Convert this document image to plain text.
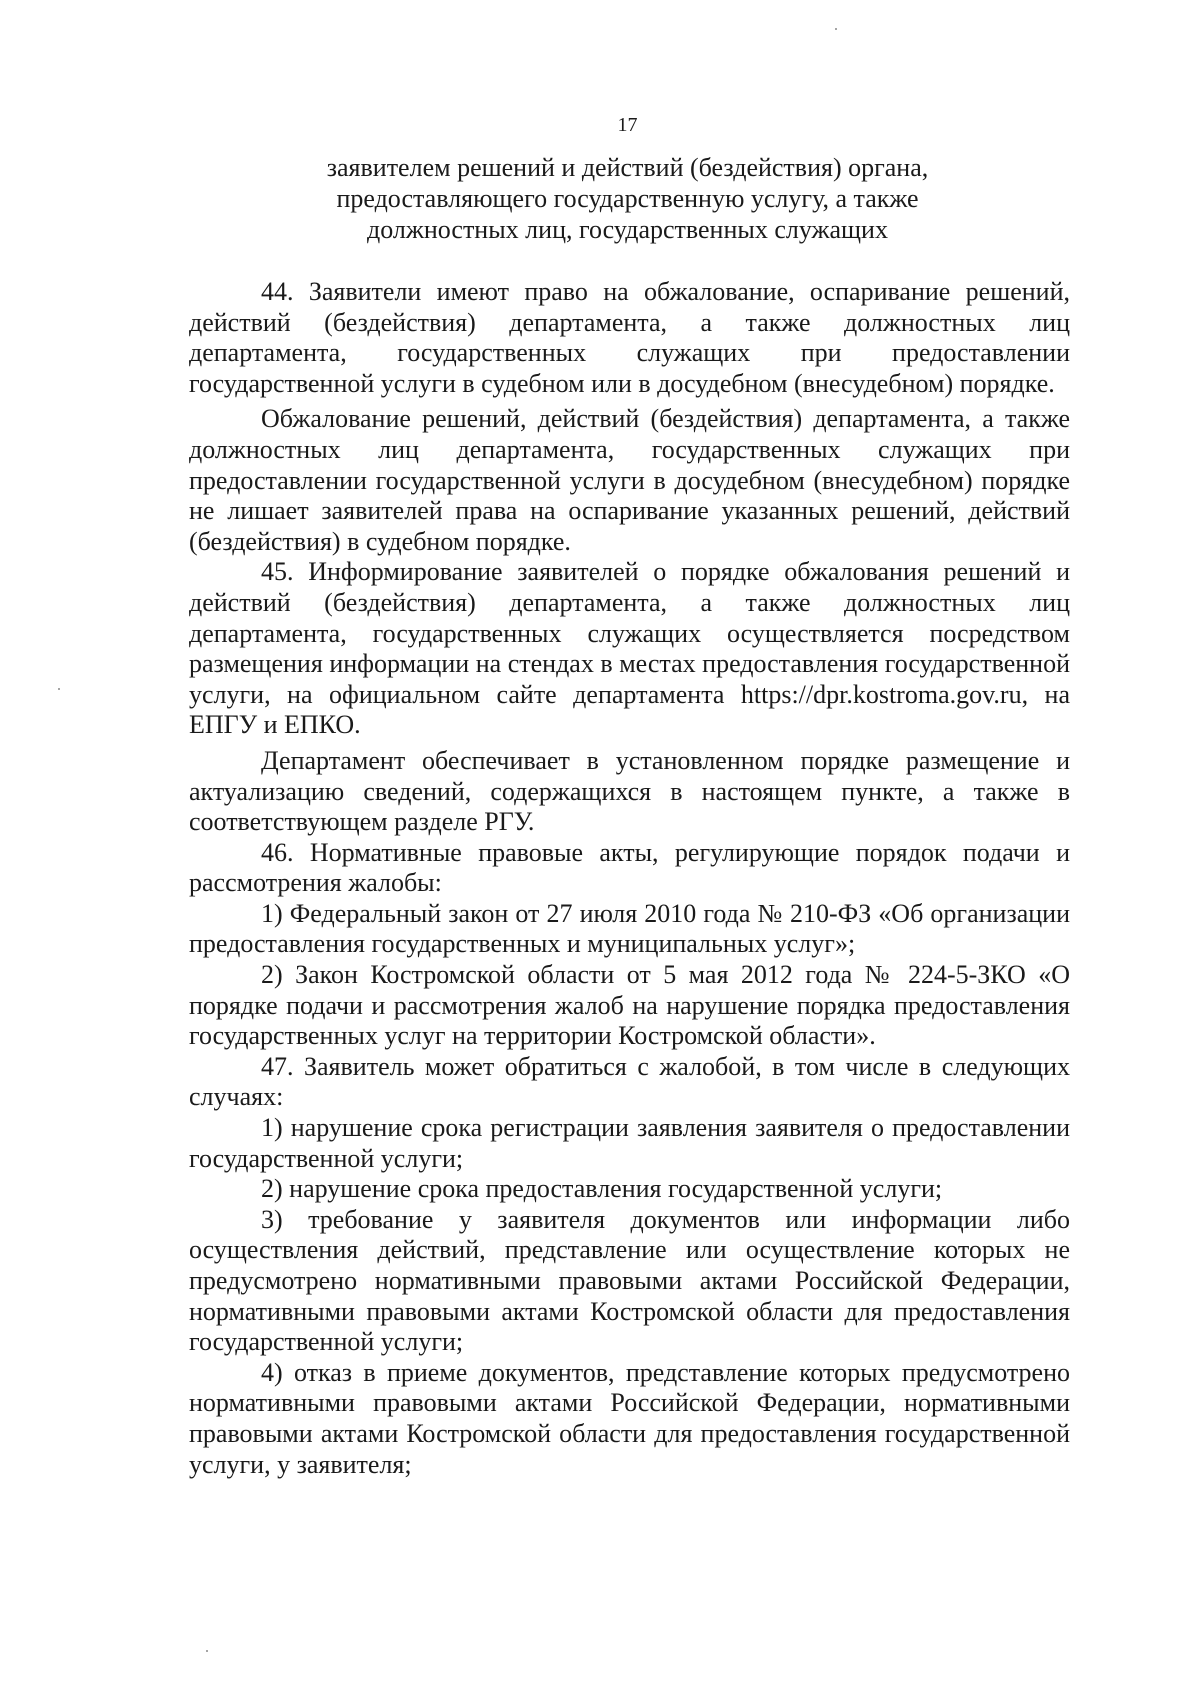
17
заявителем решений и действий (бездействия) органа,
предоставляющего государственную услугу, а также
должностных лиц, государственных служащих

44. Заявители имеют право на обжалование, оспаривание решений, действий (бездействия) департамента, а также должностных лиц департамента, государственных служащих при предоставлении государственной услуги в судебном или в досудебном (внесудебном) порядке.

Обжалование решений, действий (бездействия) департамента, а также должностных лиц департамента, государственных служащих при предоставлении государственной услуги в досудебном (внесудебном) порядке не лишает заявителей права на оспаривание указанных решений, действий (бездействия) в судебном порядке.

45. Информирование заявителей о порядке обжалования решений и действий (бездействия) департамента, а также должностных лиц департамента, государственных служащих осуществляется посредством размещения информации на стендах в местах предоставления государственной услуги, на официальном сайте департамента https://dpr.kostroma.gov.ru, на ЕПГУ и ЕПКО.

Департамент обеспечивает в установленном порядке размещение и актуализацию сведений, содержащихся в настоящем пункте, а также в соответствующем разделе РГУ.

46. Нормативные правовые акты, регулирующие порядок подачи и рассмотрения жалобы:

1) Федеральный закон от 27 июля 2010 года № 210-ФЗ «Об организации предоставления государственных и муниципальных услуг»;

2) Закон Костромской области от 5 мая 2012 года № 224-5-ЗКО «О порядке подачи и рассмотрения жалоб на нарушение порядка предоставления государственных услуг на территории Костромской области».

47. Заявитель может обратиться с жалобой, в том числе в следующих случаях:

1) нарушение срока регистрации заявления заявителя о предоставлении государственной услуги;

2) нарушение срока предоставления государственной услуги;

3) требование у заявителя документов или информации либо осуществления действий, представление или осуществление которых не предусмотрено нормативными правовыми актами Российской Федерации, нормативными правовыми актами Костромской области для предоставления государственной услуги;

4) отказ в приеме документов, представление которых предусмотрено нормативными правовыми актами Российской Федерации, нормативными правовыми актами Костромской области для предоставления государственной услуги, у заявителя;
